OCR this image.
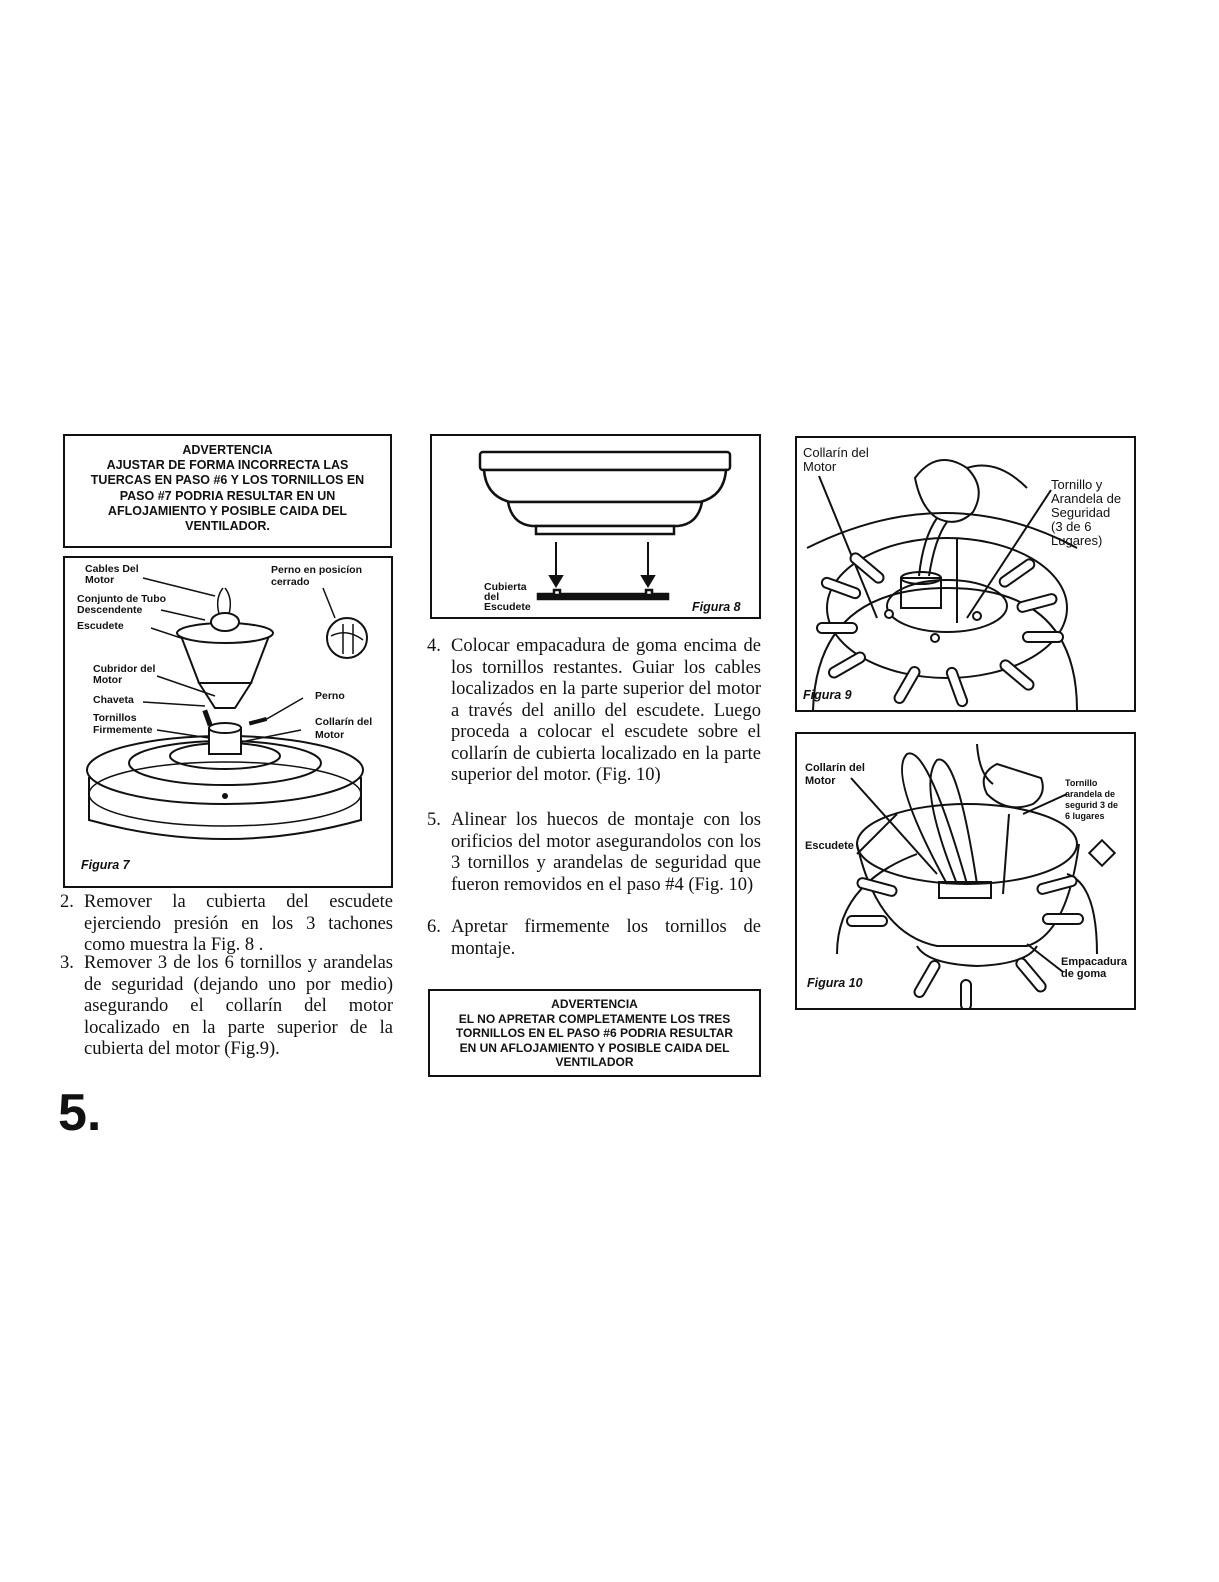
ADVERTENCIA
AJUSTAR DE FORMA INCORRECTA LAS
TUERCAS EN PASO #6 Y LOS TORNILLOS EN
PASO #7 PODRIA RESULTAR EN UN
AFLOJAMIENTO Y POSIBLE CAIDA DEL
VENTILADOR.
Cables Del
Motor
Perno en posicíon
cerrado
Conjunto de Tubo
Descendente
Escudete
Cubridor del
Motor
Chaveta	Perno
Tornillos
Firmemente
Collarín del
Motor
Figura 7
2. Remover la cubierta del escudete ejerciendo presión en los 3 tachones como muestra la Fig. 8 .
3. Remover 3 de los 6 tornillos y arandelas de seguridad (dejando uno por medio) asegurando el collarín del motor localizado en la parte superior de la cubierta del motor (Fig.9).
Cubierta
del
Escudete	Figura 8
4. Colocar empacadura de goma encima de los tornillos restantes. Guiar los cables localizados en la parte superior del motor a través del anillo del escudete. Luego proceda a colocar el escudete sobre el collarín de cubierta localizado en la parte superior del motor. (Fig. 10)
5. Alinear los huecos de montaje con los orificios del motor asegurandolos con los 3 tornillos y arandelas de seguridad que fueron removidos en el paso #4 (Fig. 10)
6. Apretar firmemente los tornillos de montaje.
ADVERTENCIA
EL NO APRETAR COMPLETAMENTE LOS TRES
TORNILLOS EN EL PASO #6 PODRIA RESULTAR
EN UN AFLOJAMIENTO Y POSIBLE CAIDA DEL
VENTILADOR
Collarín del
Motor
Tornillo y
Arandela de
Seguridad
(3 de 6
Lugares)
Figura 9
Collarín del
Motor	Tornillo
arandela de
segurid 3 de
6 lugares
Escudete
Empacadura
de goma
Figura 10
5.
